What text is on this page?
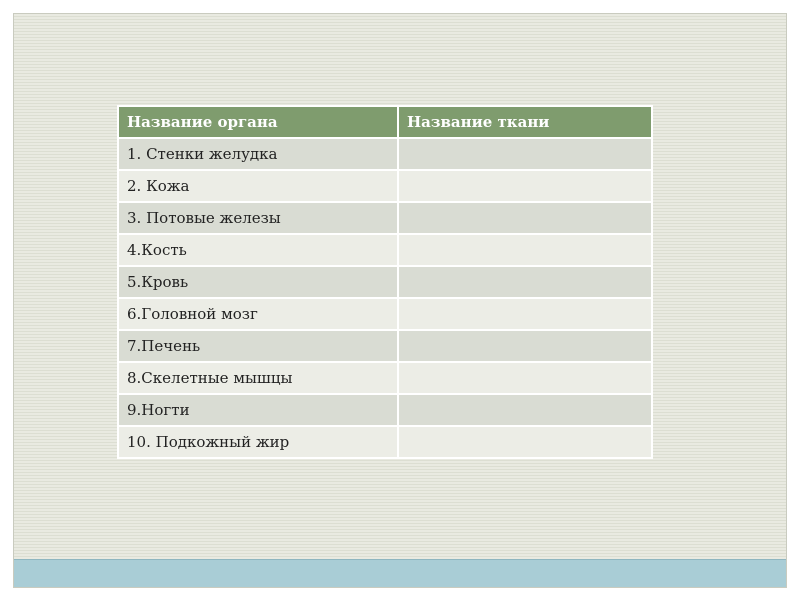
Название органа	Название ткани
1. Стенки желудка	
2. Кожа	
3. Потовые железы	
4.Кость	
5.Кровь	
6.Головной мозг	
7.Печень	
8.Скелетные мышцы	
9.Ногти	
10. Подкожный жир	
